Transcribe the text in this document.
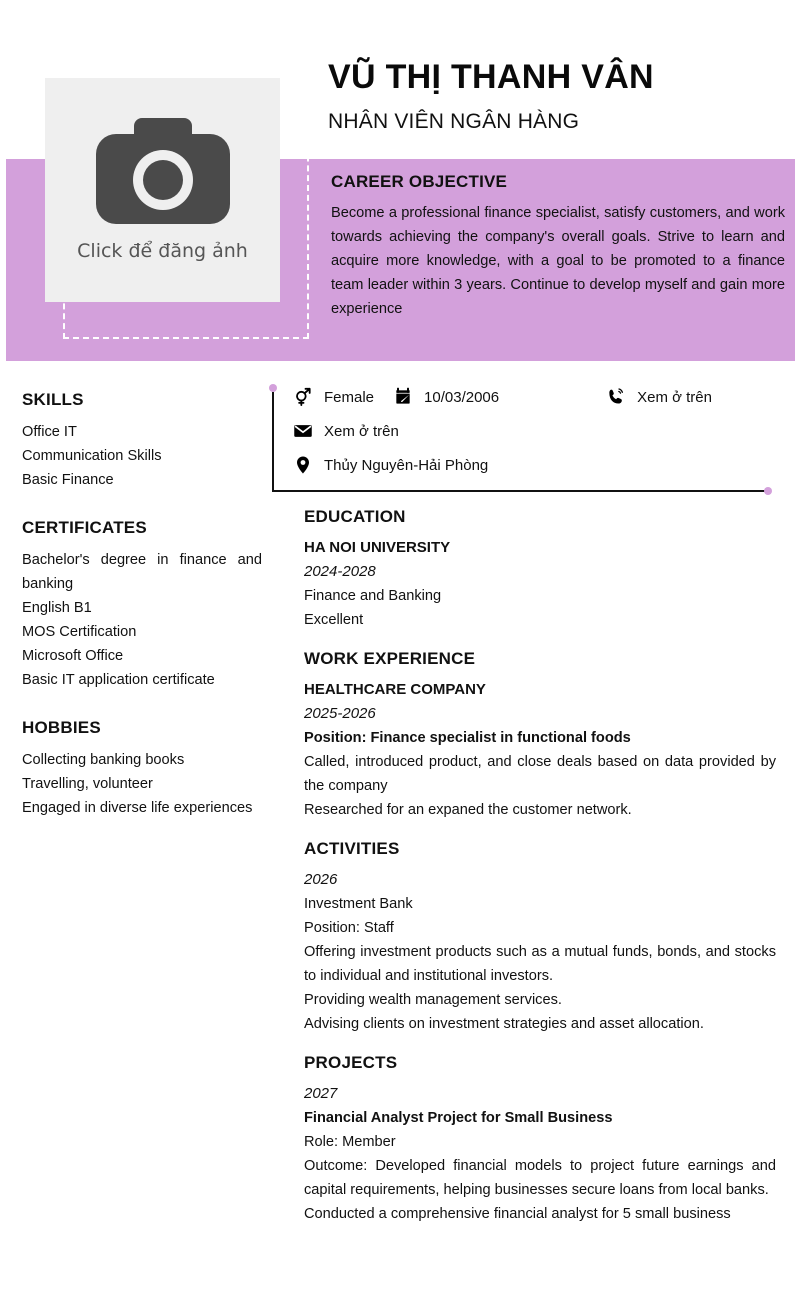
Click để đăng ảnh
VŨ THỊ THANH VÂN
NHÂN VIÊN NGÂN HÀNG
CAREER OBJECTIVE

Become a professional finance specialist, satisfy customers, and work towards achieving the company's overall goals. Strive to learn and acquire more knowledge, with a goal to be promoted to a finance team leader within 3 years. Continue to develop myself and gain more experience

Female	10/03/2006	Xem ở trên
Xem ở trên
Thủy Nguyên-Hải Phòng
SKILLS
Office IT
Communication Skills
Basic Finance
CERTIFICATES
Bachelor's degree in finance and banking
English B1
MOS Certification
Microsoft Office
Basic IT application certificate
HOBBIES
Collecting banking books
Travelling, volunteer
Engaged in diverse life experiences
EDUCATION
HA NOI UNIVERSITY
2024-2028
Finance and Banking
Excellent
WORK EXPERIENCE
HEALTHCARE COMPANY
2025-2026
Position: Finance specialist in functional foods
Called, introduced product, and close deals based on data provided by the company
Researched for an expaned the customer network.
ACTIVITIES
2026
Investment Bank
Position: Staff
Offering investment products such as a mutual funds, bonds, and stocks to individual and institutional investors.
Providing wealth management services.
Advising clients on investment strategies and asset allocation.
PROJECTS
2027
Financial Analyst Project for Small Business
Role: Member
Outcome: Developed financial models to project future earnings and capital requirements, helping businesses secure loans from local banks.
Conducted a comprehensive financial analyst for 5 small business
